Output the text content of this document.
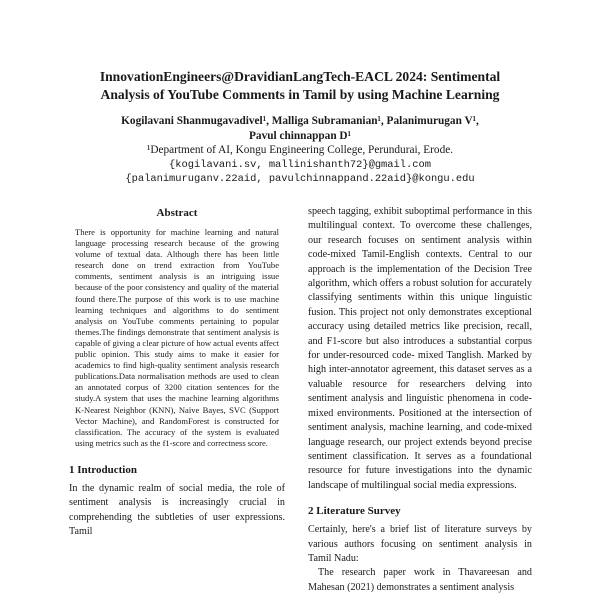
InnovationEngineers@DravidianLangTech-EACL 2024: Sentimental
Analysis of YouTube Comments in Tamil by using Machine Learning
Kogilavani Shanmugavadivel¹, Malliga Subramanian¹, Palanimurugan V¹,
Pavul chinnappan D¹
¹Department of AI, Kongu Engineering College, Perundurai, Erode.
{kogilavani.sv, mallinishanth72}@gmail.com
{palanimuruganv.22aid, pavulchinnappand.22aid}@kongu.edu
Abstract

There is opportunity for machine learning and natural language processing research because of the growing volume of textual data. Although there has been little research done on trend extraction from YouTube comments, sentiment analysis is an intriguing issue because of the poor consistency and quality of the material found there.The purpose of this work is to use machine learning techniques and algorithms to do sentiment analysis on YouTube comments pertaining to popular themes.The findings demonstrate that sentiment analysis is capable of giving a clear picture of how actual events affect public opinion. This study aims to make it easier for academics to find high-quality sentiment analysis research publications.Data normalisation methods are used to clean an annotated corpus of 3200 citation sentences for the study.A system that uses the machine learning algorithms K-Nearest Neighbor (KNN), Naïve Bayes, SVC (Support Vector Machine), and RandomForest is constructed for classification. The accuracy of the system is evaluated using metrics such as the f1-score and correctness score.

1 Introduction

In the dynamic realm of social media, the role of sentiment analysis is increasingly crucial in comprehending the subtleties of user expressions. Tamil

speech tagging, exhibit suboptimal performance in this multilingual context. To overcome these challenges, our research focuses on sentiment analysis within code-mixed Tamil-English contexts. Central to our approach is the implementation of the Decision Tree algorithm, which offers a robust solution for accurately classifying sentiments within this unique linguistic fusion. This project not only demonstrates exceptional accuracy using detailed metrics like precision, recall, and F1-score but also introduces a substantial corpus for under-resourced code- mixed Tanglish. Marked by high inter-annotator agreement, this dataset serves as a valuable resource for researchers delving into sentiment analysis and linguistic phenomena in code-mixed environments. Positioned at the intersection of sentiment analysis, machine learning, and code-mixed language research, our project extends beyond precise sentiment classification. It serves as a foundational resource for future investigations into the dynamic landscape of multilingual social media expressions.

2 Literature Survey

Certainly, here's a brief list of literature surveys by various authors focusing on sentiment analysis in Tamil Nadu:

The research paper work in Thavareesan and Mahesan (2021) demonstrates a sentiment analysis
